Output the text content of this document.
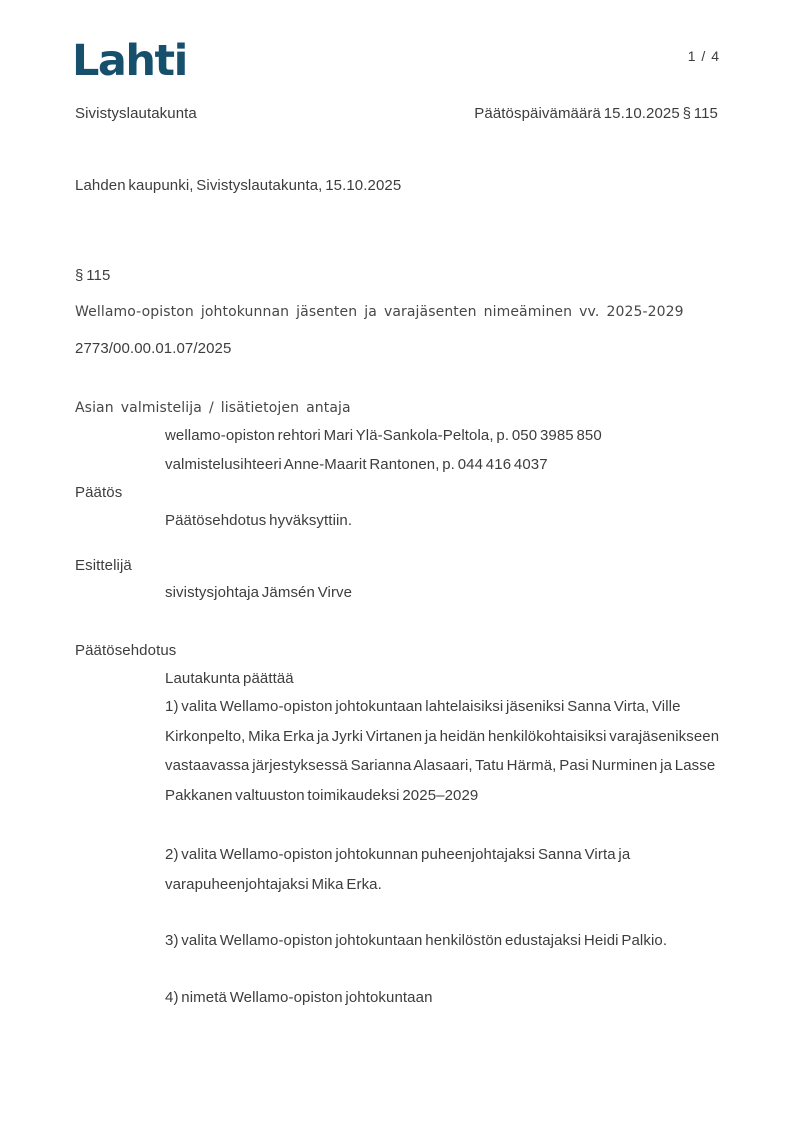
Lahti	1 / 4
Sivistyslautakunta	Päätöspäivämäärä 15.10.2025 § 115
Lahden kaupunki, Sivistyslautakunta, 15.10.2025
§ 115
Wellamo-opiston johtokunnan jäsenten ja varajäsenten nimeäminen vv. 2025-2029
2773/00.00.01.07/2025
Asian valmistelija / lisätietojen antaja
wellamo-opiston rehtori Mari Ylä-Sankola-Peltola, p. 050 3985 850
valmistelusihteeri Anne-Maarit Rantonen, p. 044 416 4037
Päätös
Päätösehdotus hyväksyttiin.
Esittelijä
sivistysjohtaja Jämsén Virve
Päätösehdotus
Lautakunta päättää
1) valita Wellamo-opiston johtokuntaan lahtelaisiksi jäseniksi Sanna Virta, Ville Kirkonpelto, Mika Erka ja Jyrki Virtanen ja heidän henkilökohtaisiksi varajäsenikseen vastaavassa järjestyksessä Sarianna Alasaari, Tatu Härmä, Pasi Nurminen ja Lasse Pakkanen valtuuston toimikaudeksi 2025–2029
2) valita Wellamo-opiston johtokunnan puheenjohtajaksi Sanna Virta ja varapuheenjohtajaksi Mika Erka.
3) valita Wellamo-opiston johtokuntaan henkilöstön edustajaksi Heidi Palkio.
4) nimetä Wellamo-opiston johtokuntaan
